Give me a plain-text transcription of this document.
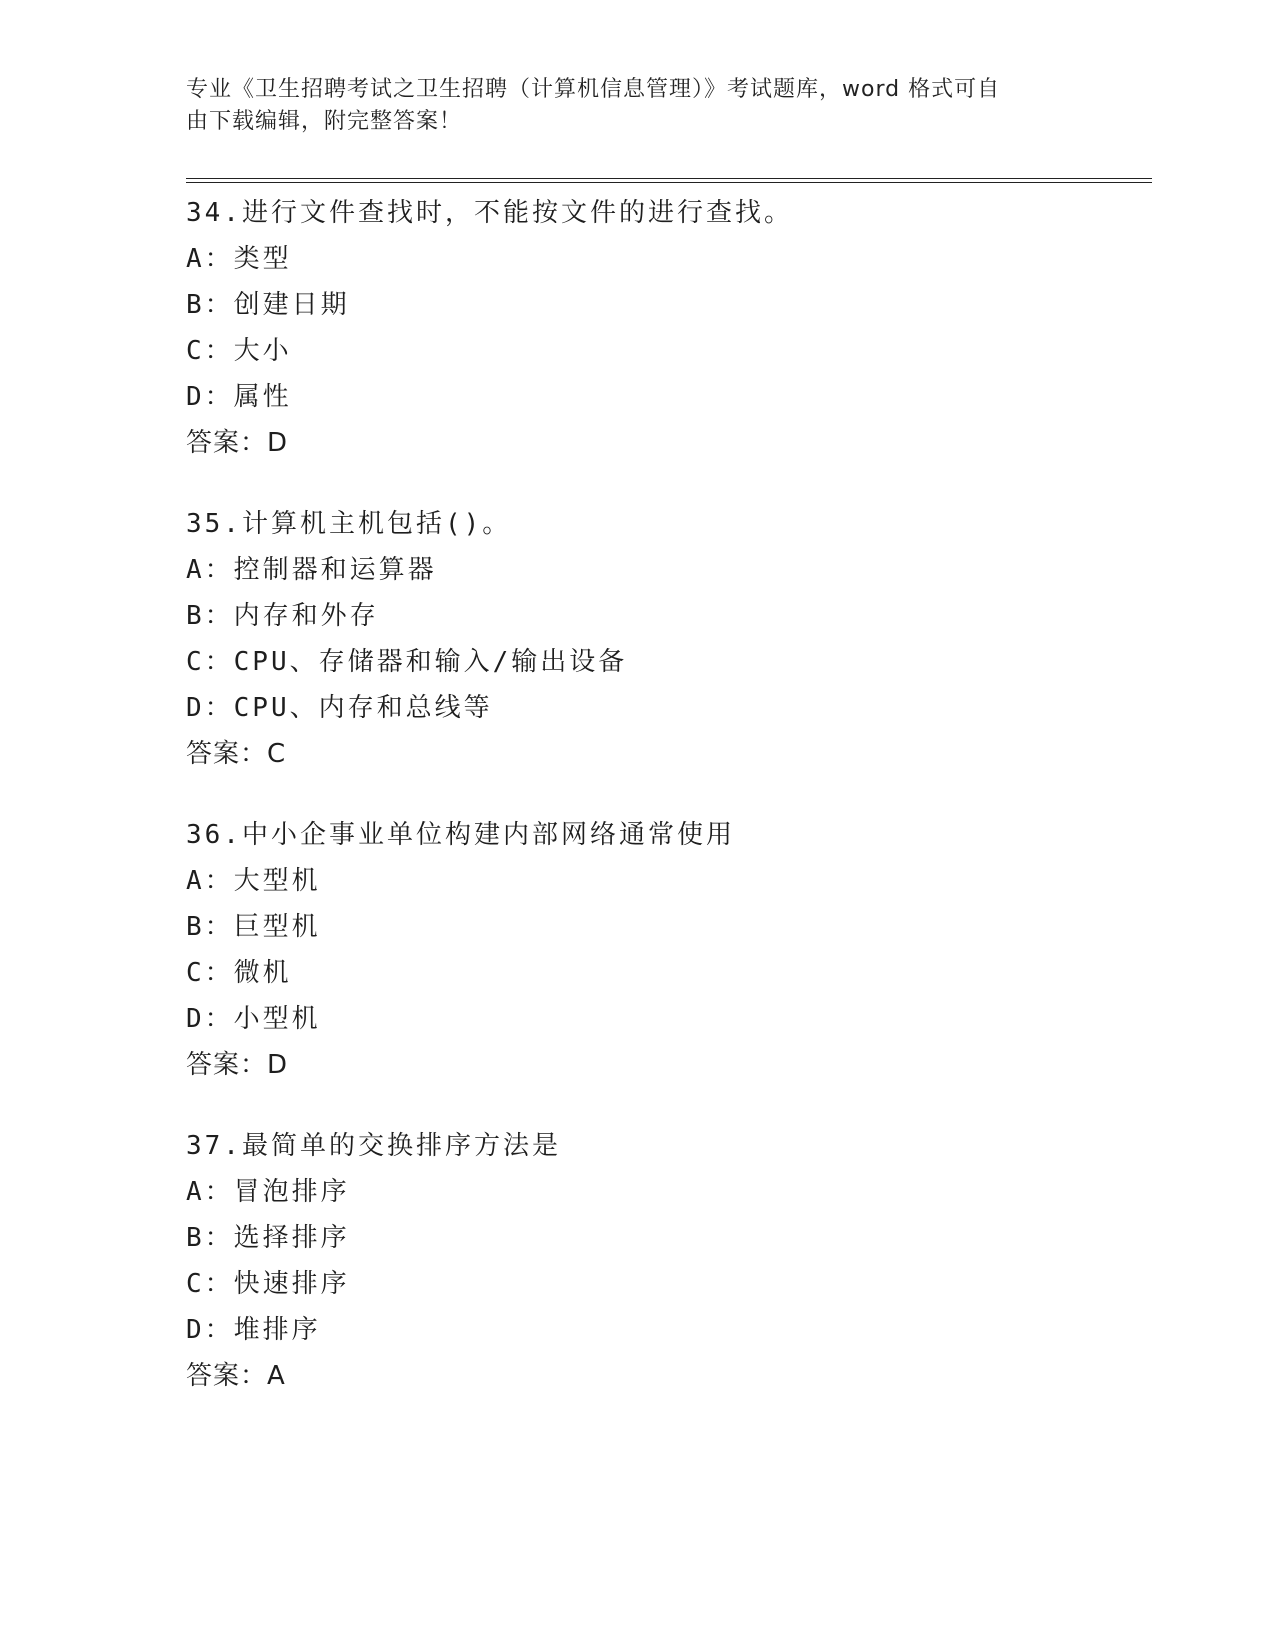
专业《卫生招聘考试之卫生招聘（计算机信息管理）》考试题库，word 格式可自
由下载编辑，附完整答案！
34.进行文件查找时，不能按文件的进行查找。
A：类型
B：创建日期
C：大小
D：属性
答案：D
35.计算机主机包括()。
A：控制器和运算器
B：内存和外存
C：CPU、存储器和输入/输出设备
D：CPU、内存和总线等
答案：C
36.中小企事业单位构建内部网络通常使用
A：大型机
B：巨型机
C：微机
D：小型机
答案：D
37.最简单的交换排序方法是
A：冒泡排序
B：选择排序
C：快速排序
D：堆排序
答案：A
